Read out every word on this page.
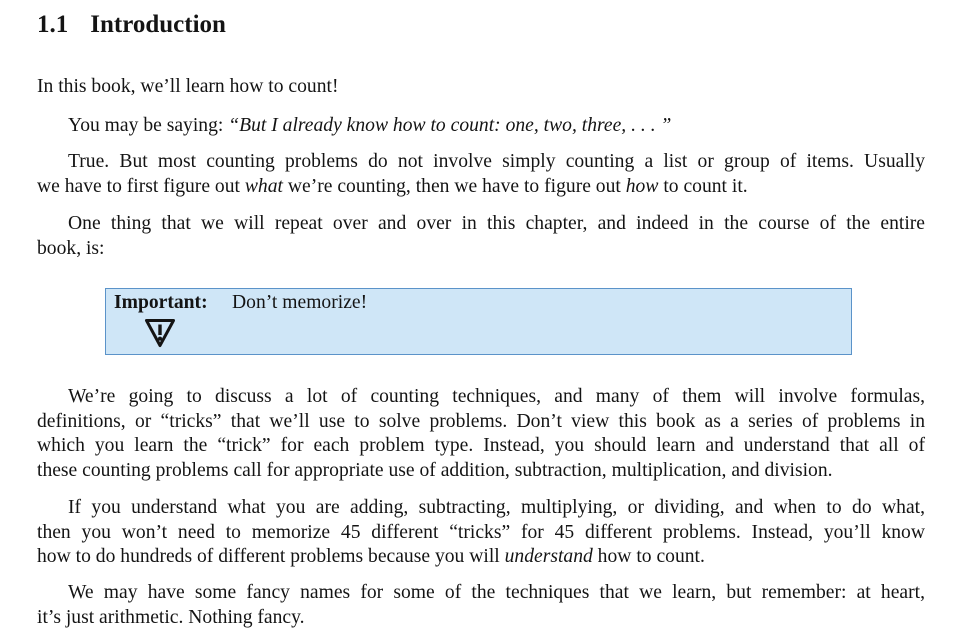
1.1 Introduction

In this book, we’ll learn how to count!

You may be saying: “But I already know how to count: one, two, three, . . . ”

True. But most counting problems do not involve simply counting a list or group of items. Usually
we have to first figure out what we’re counting, then we have to figure out how to count it.

One thing that we will repeat over and over in this chapter, and indeed in the course of the entire
book, is:

We’re going to discuss a lot of counting techniques, and many of them will involve formulas,
definitions, or “tricks” that we’ll use to solve problems. Don’t view this book as a series of problems in
which you learn the “trick” for each problem type. Instead, you should learn and understand that all of
these counting problems call for appropriate use of addition, subtraction, multiplication, and division.

If you understand what you are adding, subtracting, multiplying, or dividing, and when to do what,
then you won’t need to memorize 45 different “tricks” for 45 different problems. Instead, you’ll know
how to do hundreds of different problems because you will understand how to count.

We may have some fancy names for some of the techniques that we learn, but remember: at heart,
it’s just arithmetic. Nothing fancy.

Important: Don’t memorize!
